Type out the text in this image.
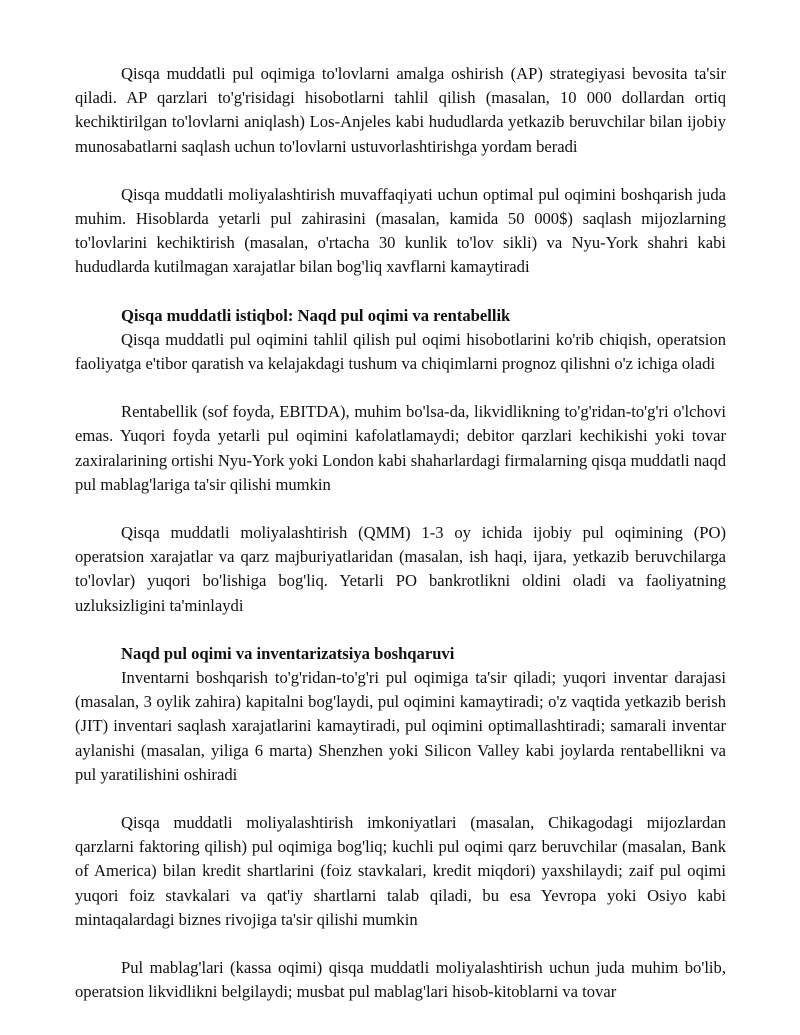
Qisqa muddatli pul oqimiga to'lovlarni amalga oshirish (AP) strategiyasi bevosita ta'sir qiladi. AP qarzlari to'g'risidagi hisobotlarni tahlil qilish (masalan, 10 000 dollardan ortiq kechiktirilgan to'lovlarni aniqlash) Los-Anjeles kabi hududlarda yetkazib beruvchilar bilan ijobiy munosabatlarni saqlash uchun to'lovlarni ustuvorlashtirishga yordam beradi

Qisqa muddatli moliyalashtirish muvaffaqiyati uchun optimal pul oqimini boshqarish juda muhim. Hisoblarda yetarli pul zahirasini (masalan, kamida 50 000$) saqlash mijozlarning to'lovlarini kechiktirish (masalan, o'rtacha 30 kunlik to'lov sikli) va Nyu-York shahri kabi hududlarda kutilmagan xarajatlar bilan bog'liq xavflarni kamaytiradi

Qisqa muddatli istiqbol: Naqd pul oqimi va rentabellik

Qisqa muddatli pul oqimini tahlil qilish pul oqimi hisobotlarini ko'rib chiqish, operatsion faoliyatga e'tibor qaratish va kelajakdagi tushum va chiqimlarni prognoz qilishni o'z ichiga oladi

Rentabellik (sof foyda, EBITDA), muhim bo'lsa-da, likvidlikning to'g'ridan-to'g'ri o'lchovi emas. Yuqori foyda yetarli pul oqimini kafolatlamaydi; debitor qarzlari kechikishi yoki tovar zaxiralarining ortishi Nyu-York yoki London kabi shaharlardagi firmalarning qisqa muddatli naqd pul mablag'lariga ta'sir qilishi mumkin

Qisqa muddatli moliyalashtirish (QMM) 1-3 oy ichida ijobiy pul oqimining (PO) operatsion xarajatlar va qarz majburiyatlaridan (masalan, ish haqi, ijara, yetkazib beruvchilarga to'lovlar) yuqori bo'lishiga bog'liq. Yetarli PO bankrotlikni oldini oladi va faoliyatning uzluksizligini ta'minlaydi

Naqd pul oqimi va inventarizatsiya boshqaruvi

Inventarni boshqarish to'g'ridan-to'g'ri pul oqimiga ta'sir qiladi; yuqori inventar darajasi (masalan, 3 oylik zahira) kapitalni bog'laydi, pul oqimini kamaytiradi; o'z vaqtida yetkazib berish (JIT) inventari saqlash xarajatlarini kamaytiradi, pul oqimini optimallashtiradi; samarali inventar aylanishi (masalan, yiliga 6 marta) Shenzhen yoki Silicon Valley kabi joylarda rentabellikni va pul yaratilishini oshiradi

Qisqa muddatli moliyalashtirish imkoniyatlari (masalan, Chikagodagi mijozlardan qarzlarni faktoring qilish) pul oqimiga bog'liq; kuchli pul oqimi qarz beruvchilar (masalan, Bank of America) bilan kredit shartlarini (foiz stavkalari, kredit miqdori) yaxshilaydi; zaif pul oqimi yuqori foiz stavkalari va qat'iy shartlarni talab qiladi, bu esa Yevropa yoki Osiyo kabi mintaqalardagi biznes rivojiga ta'sir qilishi mumkin

Pul mablag'lari (kassa oqimi) qisqa muddatli moliyalashtirish uchun juda muhim bo'lib, operatsion likvidlikni belgilaydi; musbat pul mablag'lari hisob-kitoblarni va tovar
